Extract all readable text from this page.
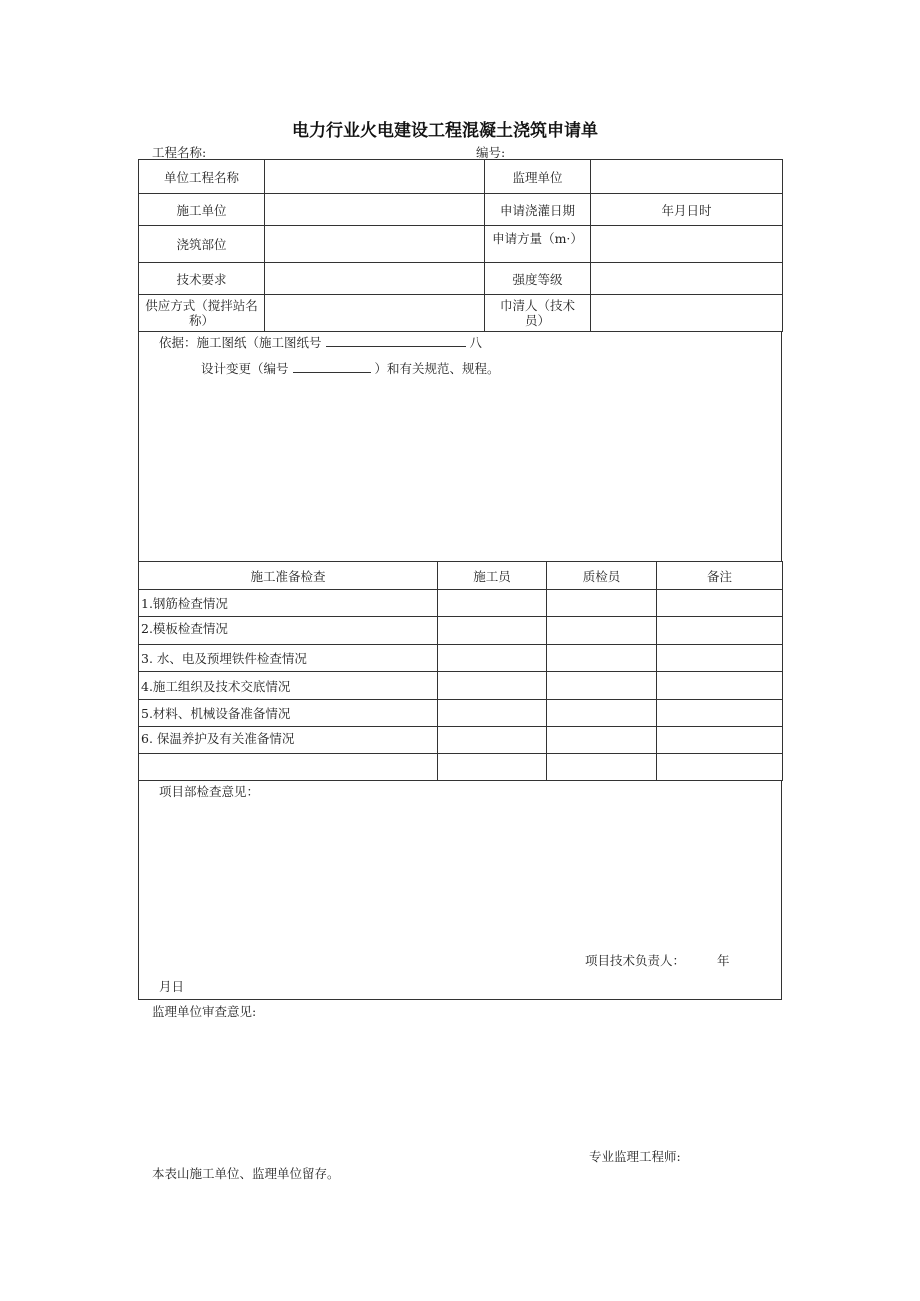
电力行业火电建设工程混凝土浇筑申请单
工程名称:	编号:
单位工程名称		监理单位	
施工单位		申请浇灌日期	年月日时
浇筑部位		申请方量（m·）	
技术要求		强度等级	
供应方式（搅拌站名称）		巾清人（技术员）	
依据：施工图纸（施工图纸号	八
设计变更（编号	）和有关规范、规程。
施工准备检查	施工员	质检员	备注
1.钢筋检查情况			
2.模板检查情况			
3. 水、电及预埋铁件检查情况			
4.施工组织及技术交底情况			
5.材料、机械设备准备情况			
6. 保温养护及有关准备情况			

项目部检查意见：
项目技术负责人：	年
月日
监理单位审查意见:
专业监理工程师:
本表山施工单位、监理单位留存。
